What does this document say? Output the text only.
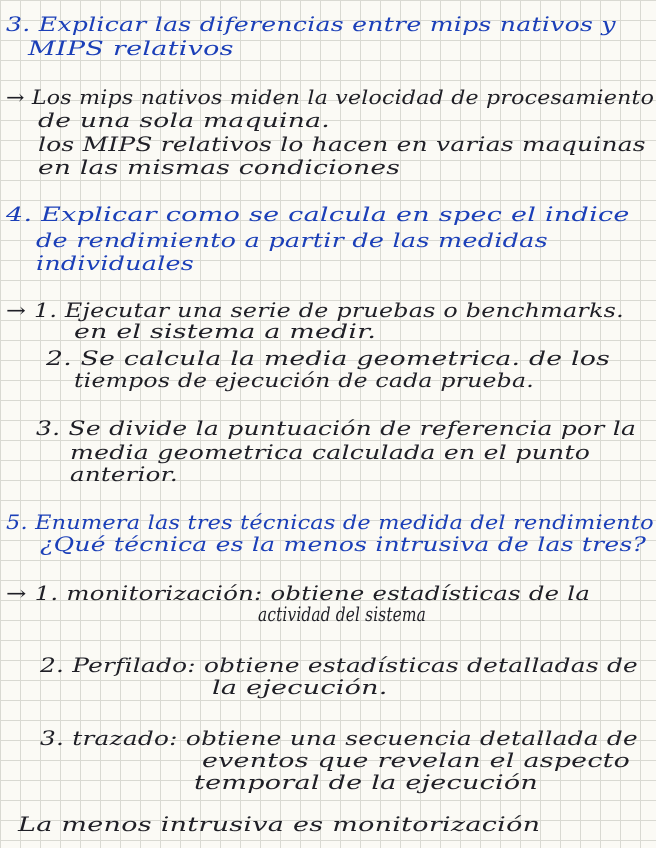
3. Explicar las diferencias entre mips nativos y
MIPS relativos
→ Los mips nativos miden la velocidad de procesamiento
de una sola maquina.
los MIPS relativos lo hacen en varias maquinas
en las mismas condiciones
4. Explicar como se calcula en spec el indice
de rendimiento a partir de las medidas
individuales
→ 1. Ejecutar una serie de pruebas o benchmarks.
en el sistema a medir.
2. Se calcula la media geometrica. de los
tiempos de ejecución de cada prueba.
3. Se divide la puntuación de referencia por la
media geometrica calculada en el punto
anterior.
5. Enumera las tres técnicas de medida del rendimiento
¿Qué técnica es la menos intrusiva de las tres?
→ 1. monitorización: obtiene estadísticas de la
actividad del sistema
2. Perfilado: obtiene estadísticas detalladas de
la ejecución.
3. trazado: obtiene una secuencia detallada de
eventos que revelan el aspecto
temporal de la ejecución
La menos intrusiva es monitorización
